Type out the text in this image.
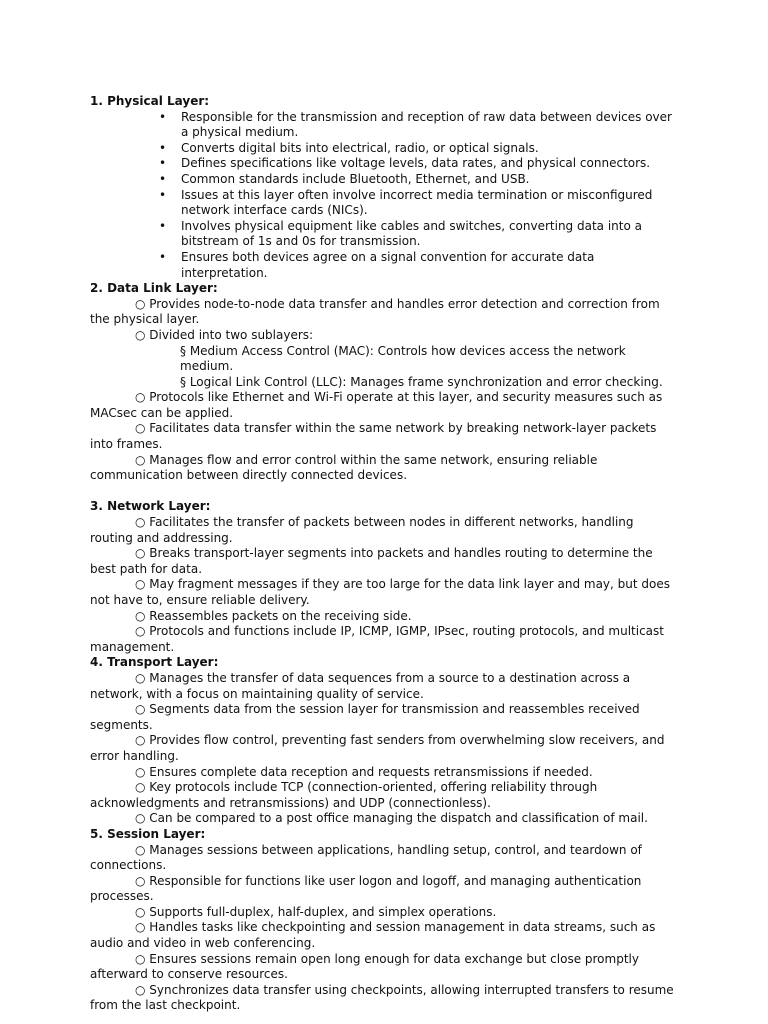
1. Physical Layer:

• Responsible for the transmission and reception of raw data between devices over a physical medium.
• Converts digital bits into electrical, radio, or optical signals.
• Defines specifications like voltage levels, data rates, and physical connectors.
• Common standards include Bluetooth, Ethernet, and USB.
• Issues at this layer often involve incorrect media termination or misconfigured network interface cards (NICs).
• Involves physical equipment like cables and switches, converting data into a bitstream of 1s and 0s for transmission.
• Ensures both devices agree on a signal convention for accurate data interpretation.

2. Data Link Layer:

○ Provides node-to-node data transfer and handles error detection and correction from the physical layer.

○ Divided into two sublayers:

§ Medium Access Control (MAC): Controls how devices access the network medium.

§ Logical Link Control (LLC): Manages frame synchronization and error checking.

○ Protocols like Ethernet and Wi-Fi operate at this layer, and security measures such as MACsec can be applied.

○ Facilitates data transfer within the same network by breaking network-layer packets into frames.

○ Manages flow and error control within the same network, ensuring reliable communication between directly connected devices.

3. Network Layer:

○ Facilitates the transfer of packets between nodes in different networks, handling routing and addressing.

○ Breaks transport-layer segments into packets and handles routing to determine the best path for data.

○ May fragment messages if they are too large for the data link layer and may, but does not have to, ensure reliable delivery.

○ Reassembles packets on the receiving side.

○ Protocols and functions include IP, ICMP, IGMP, IPsec, routing protocols, and multicast management.

4. Transport Layer:

○ Manages the transfer of data sequences from a source to a destination across a network, with a focus on maintaining quality of service.

○ Segments data from the session layer for transmission and reassembles received segments.

○ Provides flow control, preventing fast senders from overwhelming slow receivers, and error handling.

○ Ensures complete data reception and requests retransmissions if needed.

○ Key protocols include TCP (connection-oriented, offering reliability through acknowledgments and retransmissions) and UDP (connectionless).

○ Can be compared to a post office managing the dispatch and classification of mail.

5. Session Layer:

○ Manages sessions between applications, handling setup, control, and teardown of connections.

○ Responsible for functions like user logon and logoff, and managing authentication processes.

○ Supports full-duplex, half-duplex, and simplex operations.

○ Handles tasks like checkpointing and session management in data streams, such as audio and video in web conferencing.

○ Ensures sessions remain open long enough for data exchange but close promptly afterward to conserve resources.

○ Synchronizes data transfer using checkpoints, allowing interrupted transfers to resume from the last checkpoint.
